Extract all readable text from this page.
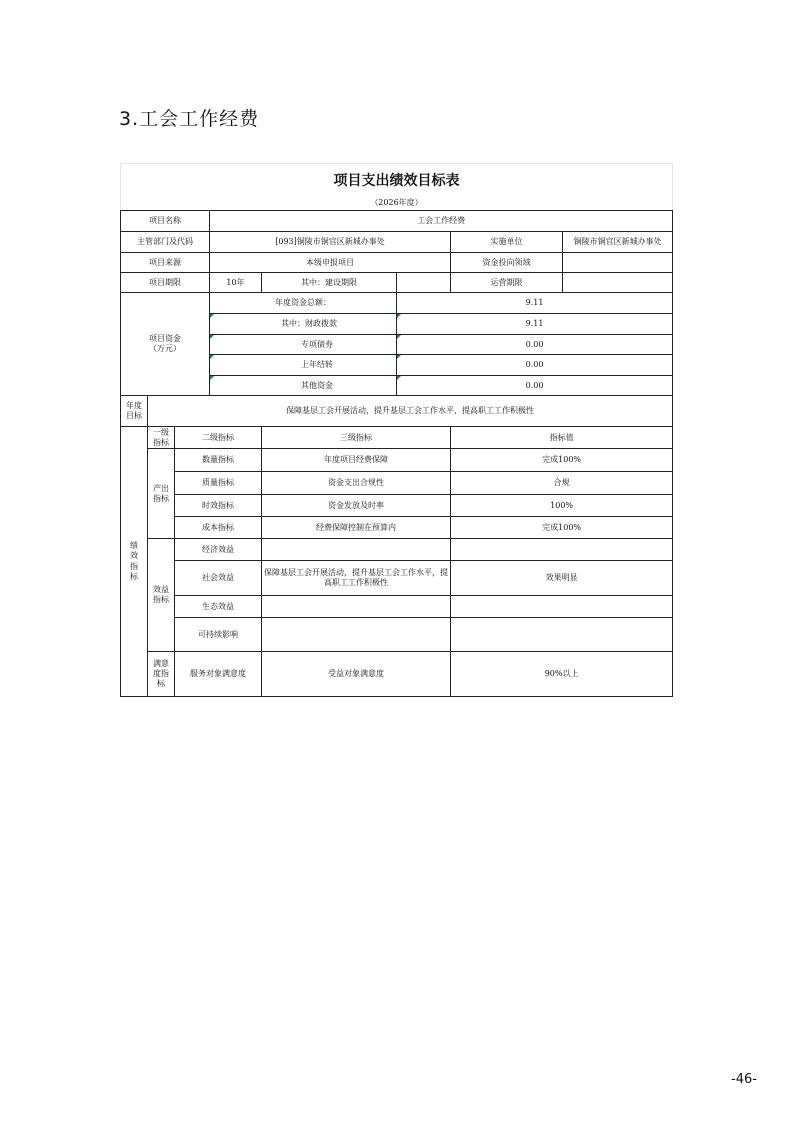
3.工会工作经费
项目支出绩效目标表
（2026年度）
项目名称			工会工作经费				
主管部门及代码			[093]铜陵市铜官区新城办事处			实施单位	铜陵市铜官区新城办事处
项目来源			本级申报项目			资金投向领域	
项目期限			10年	其中：建设期限		运营期限	
项目资金
（万元）			年度资金总额：		9.11		
			其中：财政拨款		9.11		
			专项债券		0.00		
			上年结转		0.00		
			其他资金		0.00		
年度目标	保障基层工会开展活动，提升基层工会工作水平，提高职工工作积极性						
绩效指标	一级指标	二级指标		三级指标		指标值	
	产出指标	数量指标		年度项目经费保障		完成100%	
		质量指标		资金支出合规性		合规	
		时效指标		资金发放及时率		100%	
		成本指标		经费保障控制在预算内		完成100%	
	效益指标	经济效益					
		社会效益		保障基层工会开展活动，提升基层工会工作水平，提高职工工作积极性		效果明显	
		生态效益					
		可持续影响					
	满意度指标	服务对象满意度		受益对象满意度		90%以上	
-46-
